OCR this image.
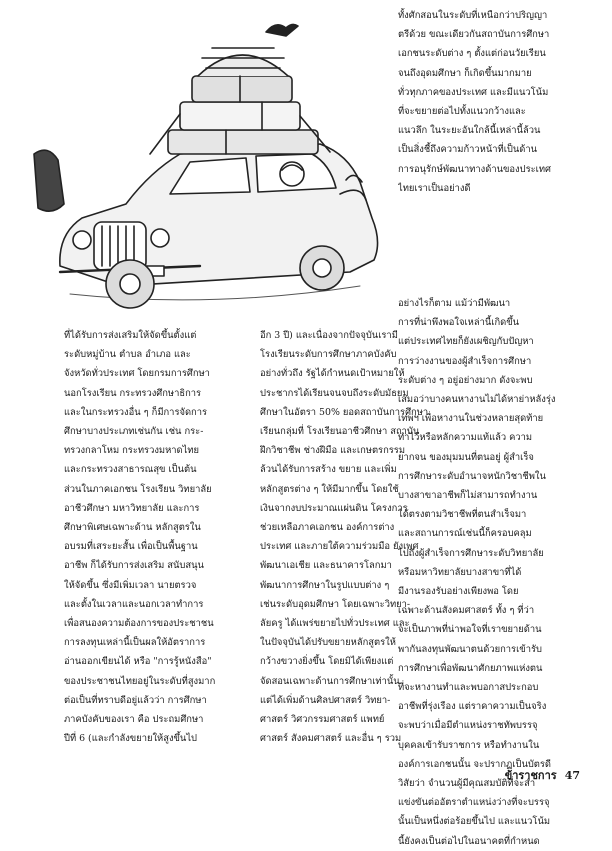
ทั้งศักสอนในระดับที่เหนือกว่าปริญญา
ตรีด้วย ขณะเดียวกันสถาบันการศึกษา
เอกชนระดับต่าง ๆ ตั้งแต่ก่อนวัยเรียน
จนถึงอุดมศึกษา ก็เกิดขึ้นมากมาย
ทั่วทุกภาคของประเทศ และมีแนวโน้ม
ที่จะขยายต่อไปทั้งแนวกว้างและ
แนวลึก ในระยะอันใกล้นี้เหล่านี้ล้วน
เป็นสิ่งชี้ถึงความก้าวหน้าที่เป็นด้าน
การอนุรักษ์พัฒนาทางด้านของประเทศ
ไทยเราเป็นอย่างดี
อย่างไรก็ตาม แม้ว่ามีพัฒนา
การที่น่าพึงพอใจเหล่านี้เกิดขึ้น
แต่ประเทศไทยก็ยังเผชิญกับปัญหา
การว่างงานของผู้สำเร็จการศึกษา
ระดับต่าง ๆ อยู่อย่างมาก ดังจะพบ
เสมอว่าบางคนหางานไม่ได้หาย่าหลังรุ่ง
เทพฯ เพื่อหางานในช่วงหลายสุดท้าย
ทำไว้หรือหลักความแท้แล้ว ความ
ยากจน ของมุมมนที่ตนอยู่ ผู้สำเร็จ
การศึกษาระดับอำนาจหนักวิชาชีพใน
บางสาขาอาชีพก็ไม่สามารถทำงาน
ได้ตรงตามวิชาชีพที่ตนสำเร็จมา
และสถานการณ์เช่นนี้ก็ครอบคลุม
ไปถึงผู้สำเร็จการศึกษาระดับวิทยาลัย
หรือมหาวิทยาลัยบางสาขาที่ได้
มีงานรองรับอย่างเพียงพอ โดย
เฉพาะด้านสังคมศาสตร์ ทั้ง ๆ ที่ว่า
จะเป็นภาพที่น่าพอใจที่เราขยายด้าน
พากันลงทุนพัฒนาตนด้วยการเข้ารับ
การศึกษาเพื่อพัฒนาศักยภาพแห่งตน
ที่จะหางานทำและพบอกาสประกอบ
อาชีพที่รุ่งเรือง แต่ราคาความเป็นจริง
จะพบว่าเมื่อมีตำแหน่งราชทัพบรรจุ
บุคคลเข้ารับราชการ หรือทำงานใน
องค์การเอกชนนั้น จะปรากฏเป็นบัตรดี
วิสัยว่า จำนวนผู้มีคุณสมบัติที่จะสำ
แข่งขันต่ออัตราตำแหน่งว่างที่จะบรรจุ
นั้นเป็นหนึ่งต่อร้อยขึ้นไป และแนวโน้ม
นี้ยังคงเป็นต่อไปในอนาคตที่กำหนด
ที่ได้รับการส่งเสริมให้จัดขึ้นตั้งแต่
ระดับหมู่บ้าน ตำบล อำเภอ และ
จังหวัดทั่วประเทศ โดยกรมการศึกษา
นอกโรงเรียน กระทรวงศึกษาธิการ
และในกระทรวงอื่น ๆ ก็มีการจัดการ
ศึกษาบางประเภทเช่นกัน เช่น กระ-
ทรวงกลาโหม กระทรวงมหาดไทย
และกระทรวงสาธารณสุข เป็นต้น
ส่วนในภาคเอกชน โรงเรียน วิทยาลัย
อาชีวศึกษา มหาวิทยาลัย และการ
ศึกษาพิเศษเฉพาะด้าน หลักสูตรใน
อบรมที่เสระยะสั้น เพื่อเป็นพื้นฐาน
อาชีพ ก็ได้รับการส่งเสริม สนับสนุน
ให้จัดขึ้น ซึ่งมีเพิ่มเวลา นายตรวจ
และตั้งในเวลาและนอกเวลาทำการ
เพื่อสนองความต้องการของประชาชน
การลงทุนเหล่านี้เป็นผลให้อัตราการ
อ่านออกเขียนได้ หรือ "การรู้หนังสือ"
ของประชาชนไทยอยู่ในระดับที่สูงมาก
ต่อเป็นที่ทราบดีอยู่แล้วว่า การศึกษา
ภาคบังคับของเรา คือ ประถมศึกษา
ปีที่ 6 (และกำลังขยายให้สูงขึ้นไป
อีก 3 ปี) และเนื่องจากปัจจุบันเรามี
โรงเรียนระดับการศึกษาภาคบังคับ
อย่างทั่วถึง รัฐได้กำหนดเป้าหมายให้
ประชากรได้เรียนจนจบถึงระดับมัธยม
ศึกษาในอัตรา 50% ยอดสถาบันการศึกษา
เรียนกลุ่มที่ โรงเรียนอาชีวศึกษา สถาบัน
ฝึกวิชาชีพ ช่างฝีมือ และเกษตรกรรม
ล้วนได้รับการสร้าง ขยาย และเพิ่ม
หลักสูตรต่าง ๆ ให้มีมากขึ้น โดยใช้
เงินจากงบประมาณแผ่นดิน โครงการ
ช่วยเหลือภาคเอกชน องค์การต่าง
ประเทศ และภายใต้ความร่วมมือ ยังเพศ
พัฒนาเอเชีย และธนาคารโลกมา
พัฒนาการศึกษาในรูปแบบต่าง ๆ
เช่นระดับอุดมศึกษา โดยเฉพาะวิทยา-
ลัยครู ได้แพร่ขยายไปทั่วประเทศ และ
ในปัจจุบันได้ปรับขยายหลักสูตรให้
กว้างขวางยิ่งขึ้น โดยมิได้เพียงแต่
จัดสอนเฉพาะด้านการศึกษาเท่านั้น
แต่ได้เพิ่มด้านศิลปศาสตร์ วิทยา-
ศาสตร์ วิศวกรรมศาสตร์ แพทย์
ศาสตร์ สังคมศาสตร์ และอื่น ๆ รวม
ข้าราชการ 47
